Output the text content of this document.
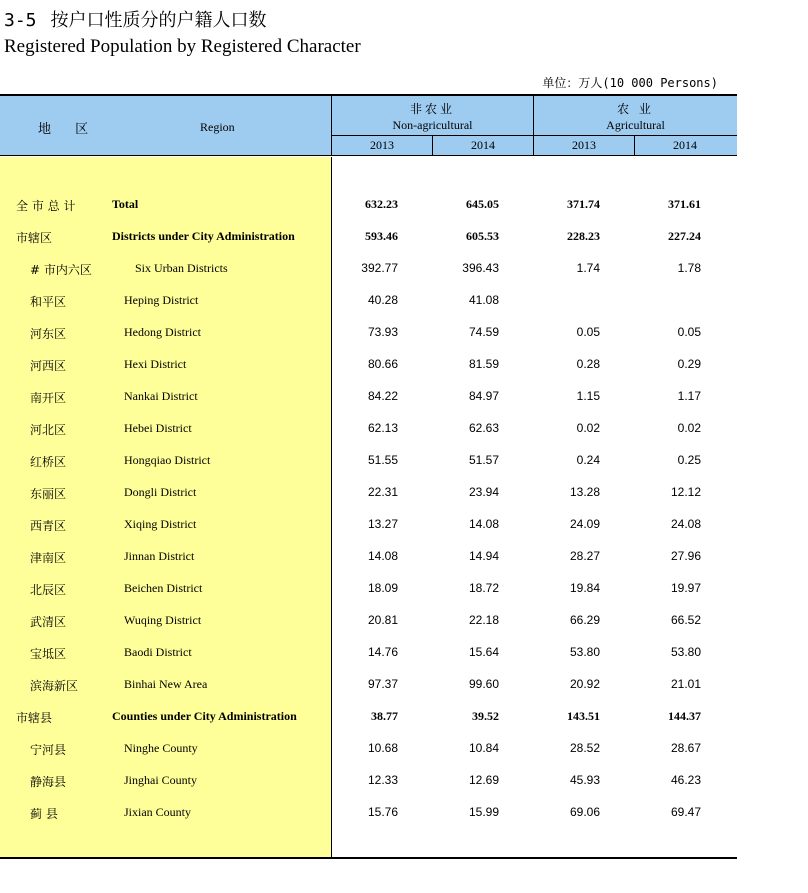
3-5 按户口性质分的户籍人口数
Registered Population by Registered Character
单位：万人(10 000 Persons)
地 区	Region
非农业
Non-agricultural
农 业
Agricultural
2013	2014	2013	2014
全 市 总 计	Total	632.23	645.05	371.74	371.61
市辖区	Districts under City Administration	593.46	605.53	228.23	227.24
# 市内六区	Six Urban Districts	392.77	396.43	1.74	1.78
和平区	Heping District	40.28	41.08
河东区	Hedong District	73.93	74.59	0.05	0.05
河西区	Hexi District	80.66	81.59	0.28	0.29
南开区	Nankai District	84.22	84.97	1.15	1.17
河北区	Hebei District	62.13	62.63	0.02	0.02
红桥区	Hongqiao District	51.55	51.57	0.24	0.25
东丽区	Dongli District	22.31	23.94	13.28	12.12
西青区	Xiqing District	13.27	14.08	24.09	24.08
津南区	Jinnan District	14.08	14.94	28.27	27.96
北辰区	Beichen District	18.09	18.72	19.84	19.97
武清区	Wuqing District	20.81	22.18	66.29	66.52
宝坻区	Baodi District	14.76	15.64	53.80	53.80
滨海新区	Binhai New Area	97.37	99.60	20.92	21.01
市辖县	Counties under City Administration	38.77	39.52	143.51	144.37
宁河县	Ninghe County	10.68	10.84	28.52	28.67
静海县	Jinghai County	12.33	12.69	45.93	46.23
蓟 县	Jixian County	15.76	15.99	69.06	69.47
